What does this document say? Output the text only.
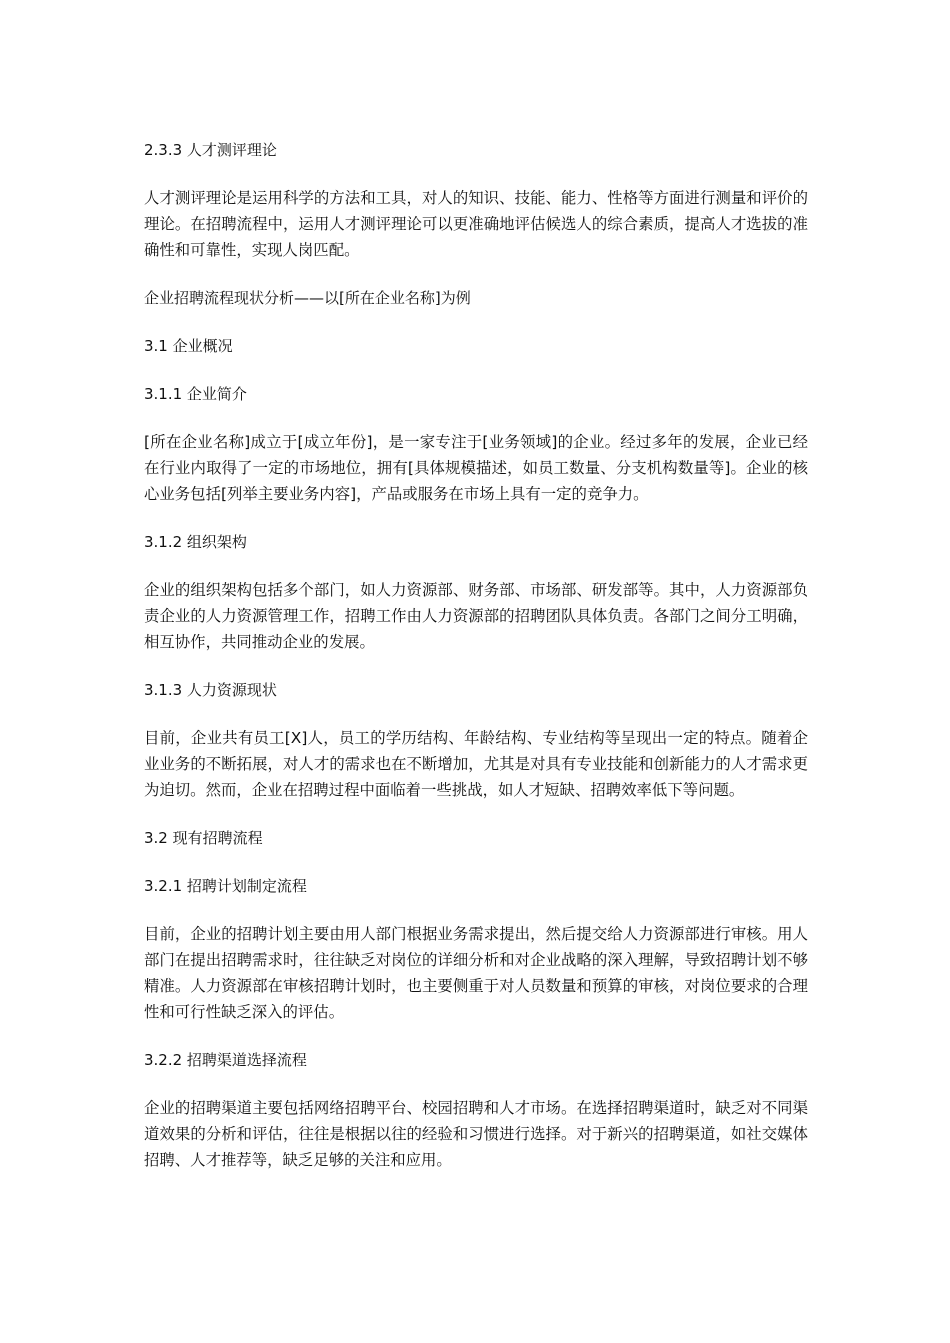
2.3.3 人才测评理论

人才测评理论是运用科学的方法和工具，对人的知识、技能、能力、性格等方面进行测量和评价的理论。在招聘流程中，运用人才测评理论可以更准确地评估候选人的综合素质，提高人才选拔的准确性和可靠性，实现人岗匹配。

企业招聘流程现状分析——以[所在企业名称]为例
3.1 企业概况
3.1.1 企业简介

[所在企业名称]成立于[成立年份]，是一家专注于[业务领域]的企业。经过多年的发展，企业已经在行业内取得了一定的市场地位，拥有[具体规模描述，如员工数量、分支机构数量等]。企业的核心业务包括[列举主要业务内容]，产品或服务在市场上具有一定的竞争力。

3.1.2 组织架构

企业的组织架构包括多个部门，如人力资源部、财务部、市场部、研发部等。其中，人力资源部负责企业的人力资源管理工作，招聘工作由人力资源部的招聘团队具体负责。各部门之间分工明确，相互协作，共同推动企业的发展。

3.1.3 人力资源现状

目前，企业共有员工[X]人，员工的学历结构、年龄结构、专业结构等呈现出一定的特点。随着企业业务的不断拓展，对人才的需求也在不断增加，尤其是对具有专业技能和创新能力的人才需求更为迫切。然而，企业在招聘过程中面临着一些挑战，如人才短缺、招聘效率低下等问题。

3.2 现有招聘流程
3.2.1 招聘计划制定流程

目前，企业的招聘计划主要由用人部门根据业务需求提出，然后提交给人力资源部进行审核。用人部门在提出招聘需求时，往往缺乏对岗位的详细分析和对企业战略的深入理解，导致招聘计划不够精准。人力资源部在审核招聘计划时，也主要侧重于对人员数量和预算的审核，对岗位要求的合理性和可行性缺乏深入的评估。

3.2.2 招聘渠道选择流程

企业的招聘渠道主要包括网络招聘平台、校园招聘和人才市场。在选择招聘渠道时，缺乏对不同渠道效果的分析和评估，往往是根据以往的经验和习惯进行选择。对于新兴的招聘渠道，如社交媒体招聘、人才推荐等，缺乏足够的关注和应用。
